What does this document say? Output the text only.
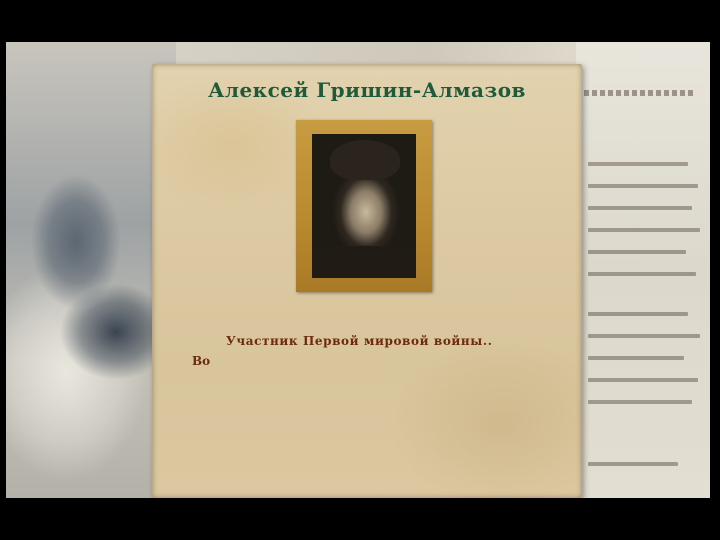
Алексей Гришин-Алмазов
Участник Первой мировой войны..
Во
